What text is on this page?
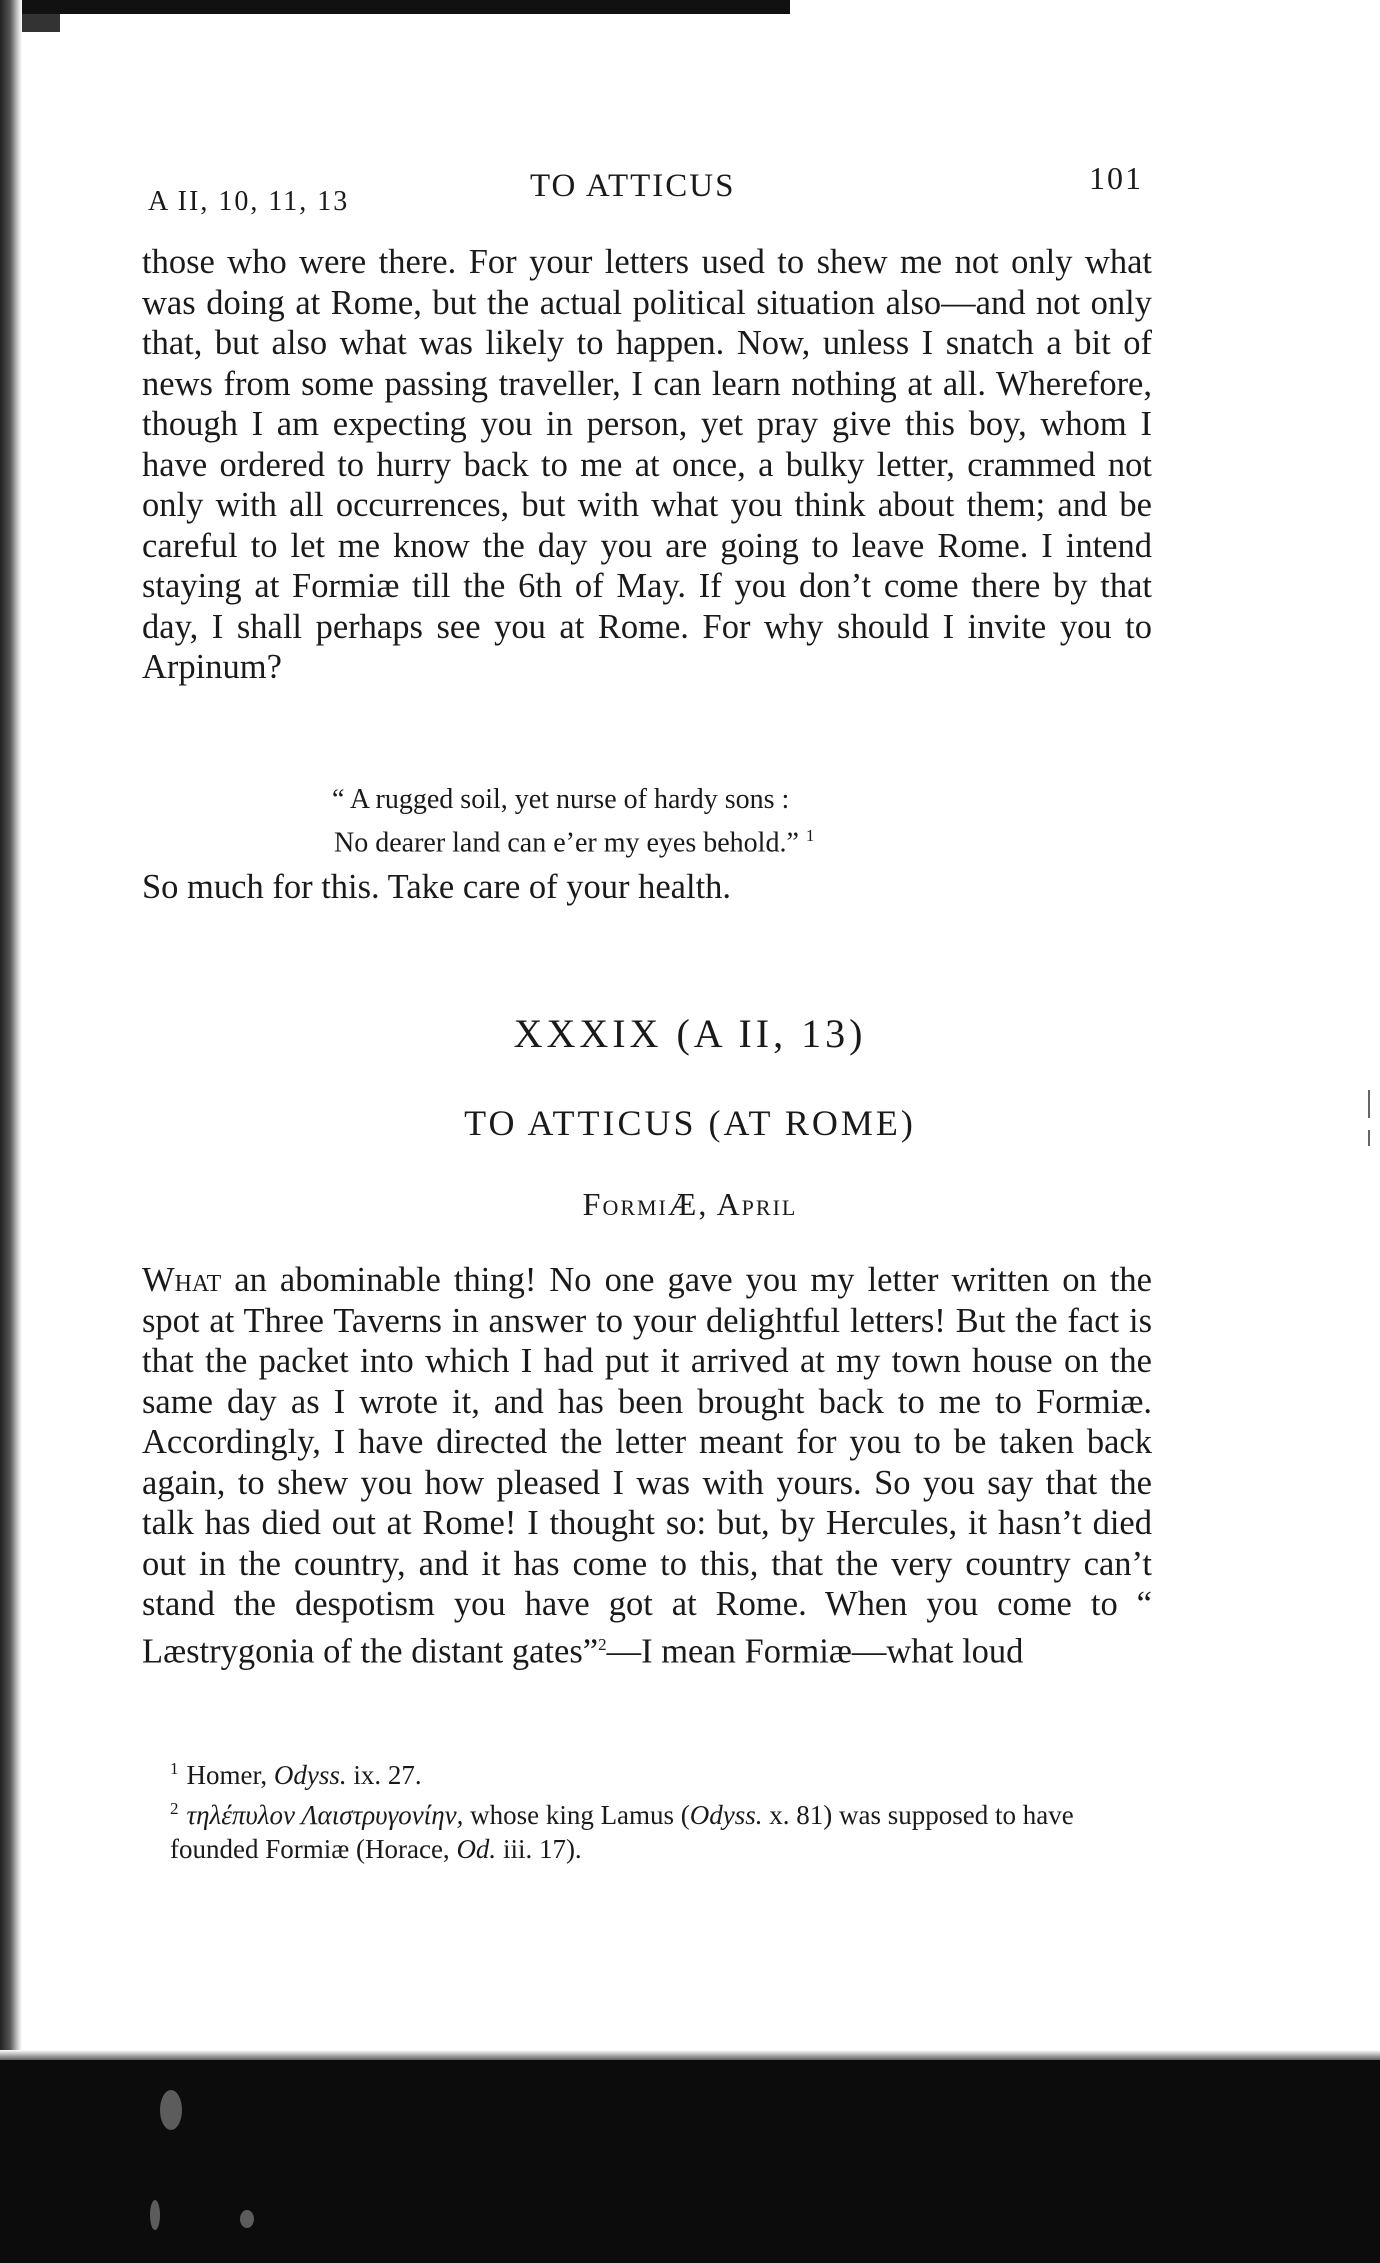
A II, 10, 11, 13	TO ATTICUS	101

those who were there. For your letters used to shew me not only what was doing at Rome, but the actual political situation also—and not only that, but also what was likely to happen. Now, unless I snatch a bit of news from some passing traveller, I can learn nothing at all. Wherefore, though I am expecting you in person, yet pray give this boy, whom I have ordered to hurry back to me at once, a bulky letter, crammed not only with all occurrences, but with what you think about them; and be careful to let me know the day you are going to leave Rome. I intend staying at Formiæ till the 6th of May. If you don’t come there by that day, I shall perhaps see you at Rome. For why should I invite you to Arpinum?

“ A rugged soil, yet nurse of hardy sons :
No dearer land can e’er my eyes behold.” $^1$
So much for this. Take care of your health.
XXXIX (A II, 13)
TO ATTICUS (AT ROME)
FormiÆ, April

What an abominable thing! No one gave you my letter written on the spot at Three Taverns in answer to your delightful letters! But the fact is that the packet into which I had put it arrived at my town house on the same day as I wrote it, and has been brought back to me to Formiæ. Accordingly, I have directed the letter meant for you to be taken back again, to shew you how pleased I was with yours. So you say that the talk has died out at Rome! I thought so: but, by Hercules, it hasn’t died out in the country, and it has come to this, that the very country can’t stand the despotism you have got at Rome. When you come to “ Læstrygonia of the distant gates”$^2$—I mean Formiæ—what loud

$^1$ Homer, Odyss. ix. 27.

$^2$ τηλέπυλον Λαιστρυγονίην, whose king Lamus (Odyss. x. 81) was supposed to have founded Formiæ (Horace, Od. iii. 17).
